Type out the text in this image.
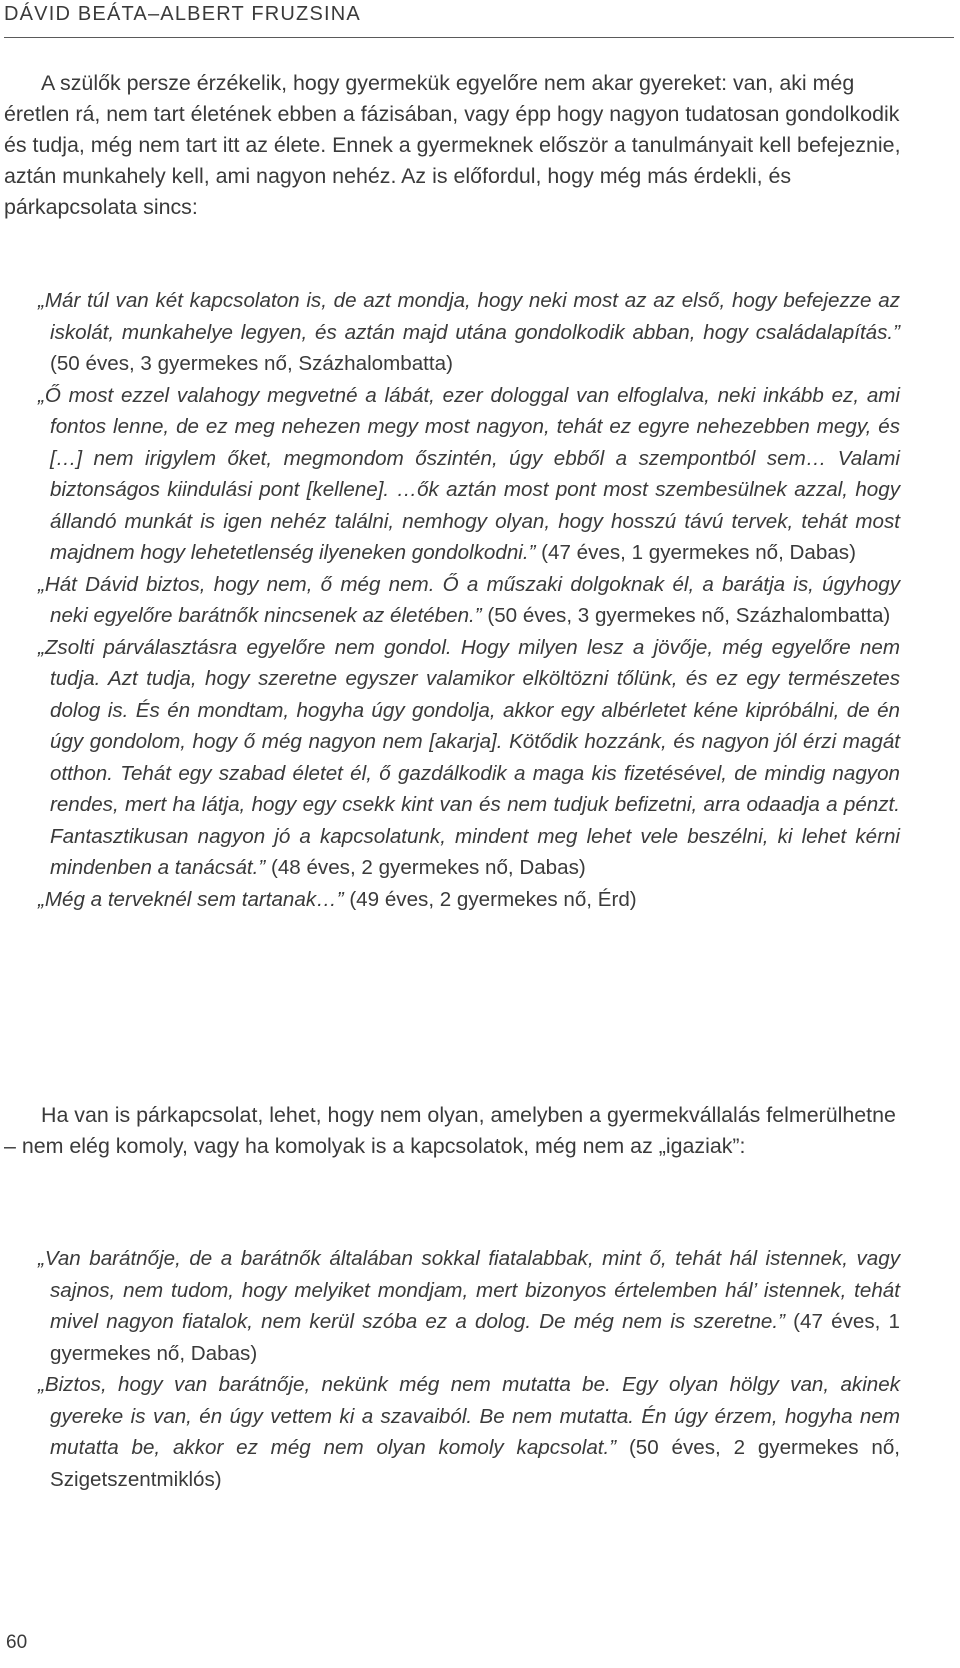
DÁVID BEÁTA–ALBERT FRUZSINA

A szülők persze érzékelik, hogy gyermekük egyelőre nem akar gyereket: van, aki még éretlen rá, nem tart életének ebben a fázisában, vagy épp hogy nagyon tudatosan gondolkodik és tudja, még nem tart itt az élete. Ennek a gyermeknek először a tanulmányait kell befejeznie, aztán munkahely kell, ami nagyon nehéz. Az is előfordul, hogy még más érdekli, és párkapcsolata sincs:

„Már túl van két kapcsolaton is, de azt mondja, hogy neki most az az első, hogy befejezze az iskolát, munkahelye legyen, és aztán majd utána gondolkodik abban, hogy családalapítás.” (50 éves, 3 gyermekes nő, Százhalombatta)

„Ő most ezzel valahogy megvetné a lábát, ezer dologgal van elfoglalva, neki inkább ez, ami fontos lenne, de ez meg nehezen megy most nagyon, tehát ez egyre nehezebben megy, és […] nem irigylem őket, megmondom őszintén, úgy ebből a szempontból sem… Valami biztonságos kiindulási pont [kellene]. …ők aztán most pont most szembesülnek azzal, hogy állandó munkát is igen nehéz találni, nemhogy olyan, hogy hosszú távú tervek, tehát most majdnem hogy lehetetlenség ilyeneken gondolkodni.” (47 éves, 1 gyermekes nő, Dabas)

„Hát Dávid biztos, hogy nem, ő még nem. Ő a műszaki dolgoknak él, a barátja is, úgyhogy neki egyelőre barátnők nincsenek az életében.” (50 éves, 3 gyermekes nő, Százhalombatta)

„Zsolti párválasztásra egyelőre nem gondol. Hogy milyen lesz a jövője, még egyelőre nem tudja. Azt tudja, hogy szeretne egyszer valamikor elköltözni tőlünk, és ez egy természetes dolog is. És én mondtam, hogyha úgy gondolja, akkor egy albérletet kéne kipróbálni, de én úgy gondolom, hogy ő még nagyon nem [akarja]. Kötődik hozzánk, és nagyon jól érzi magát otthon. Tehát egy szabad életet él, ő gazdálkodik a maga kis fizetésével, de mindig nagyon rendes, mert ha látja, hogy egy csekk kint van és nem tudjuk befizetni, arra odaadja a pénzt. Fantasztikusan nagyon jó a kapcsolatunk, mindent meg lehet vele beszélni, ki lehet kérni mindenben a tanácsát.” (48 éves, 2 gyermekes nő, Dabas)

„Még a terveknél sem tartanak…” (49 éves, 2 gyermekes nő, Érd)

Ha van is párkapcsolat, lehet, hogy nem olyan, amelyben a gyermekvállalás felmerülhetne – nem elég komoly, vagy ha komolyak is a kapcsolatok, még nem az „igaziak”:

„Van barátnője, de a barátnők általában sokkal fiatalabbak, mint ő, tehát hál istennek, vagy sajnos, nem tudom, hogy melyiket mondjam, mert bizonyos értelemben hál’ istennek, tehát mivel nagyon fiatalok, nem kerül szóba ez a dolog. De még nem is szeretne.” (47 éves, 1 gyermekes nő, Dabas)

„Biztos, hogy van barátnője, nekünk még nem mutatta be. Egy olyan hölgy van, akinek gyereke is van, én úgy vettem ki a szavaiból. Be nem mutatta. Én úgy érzem, hogyha nem mutatta be, akkor ez még nem olyan komoly kapcsolat.” (50 éves, 2 gyermekes nő, Szigetszentmiklós)

60
